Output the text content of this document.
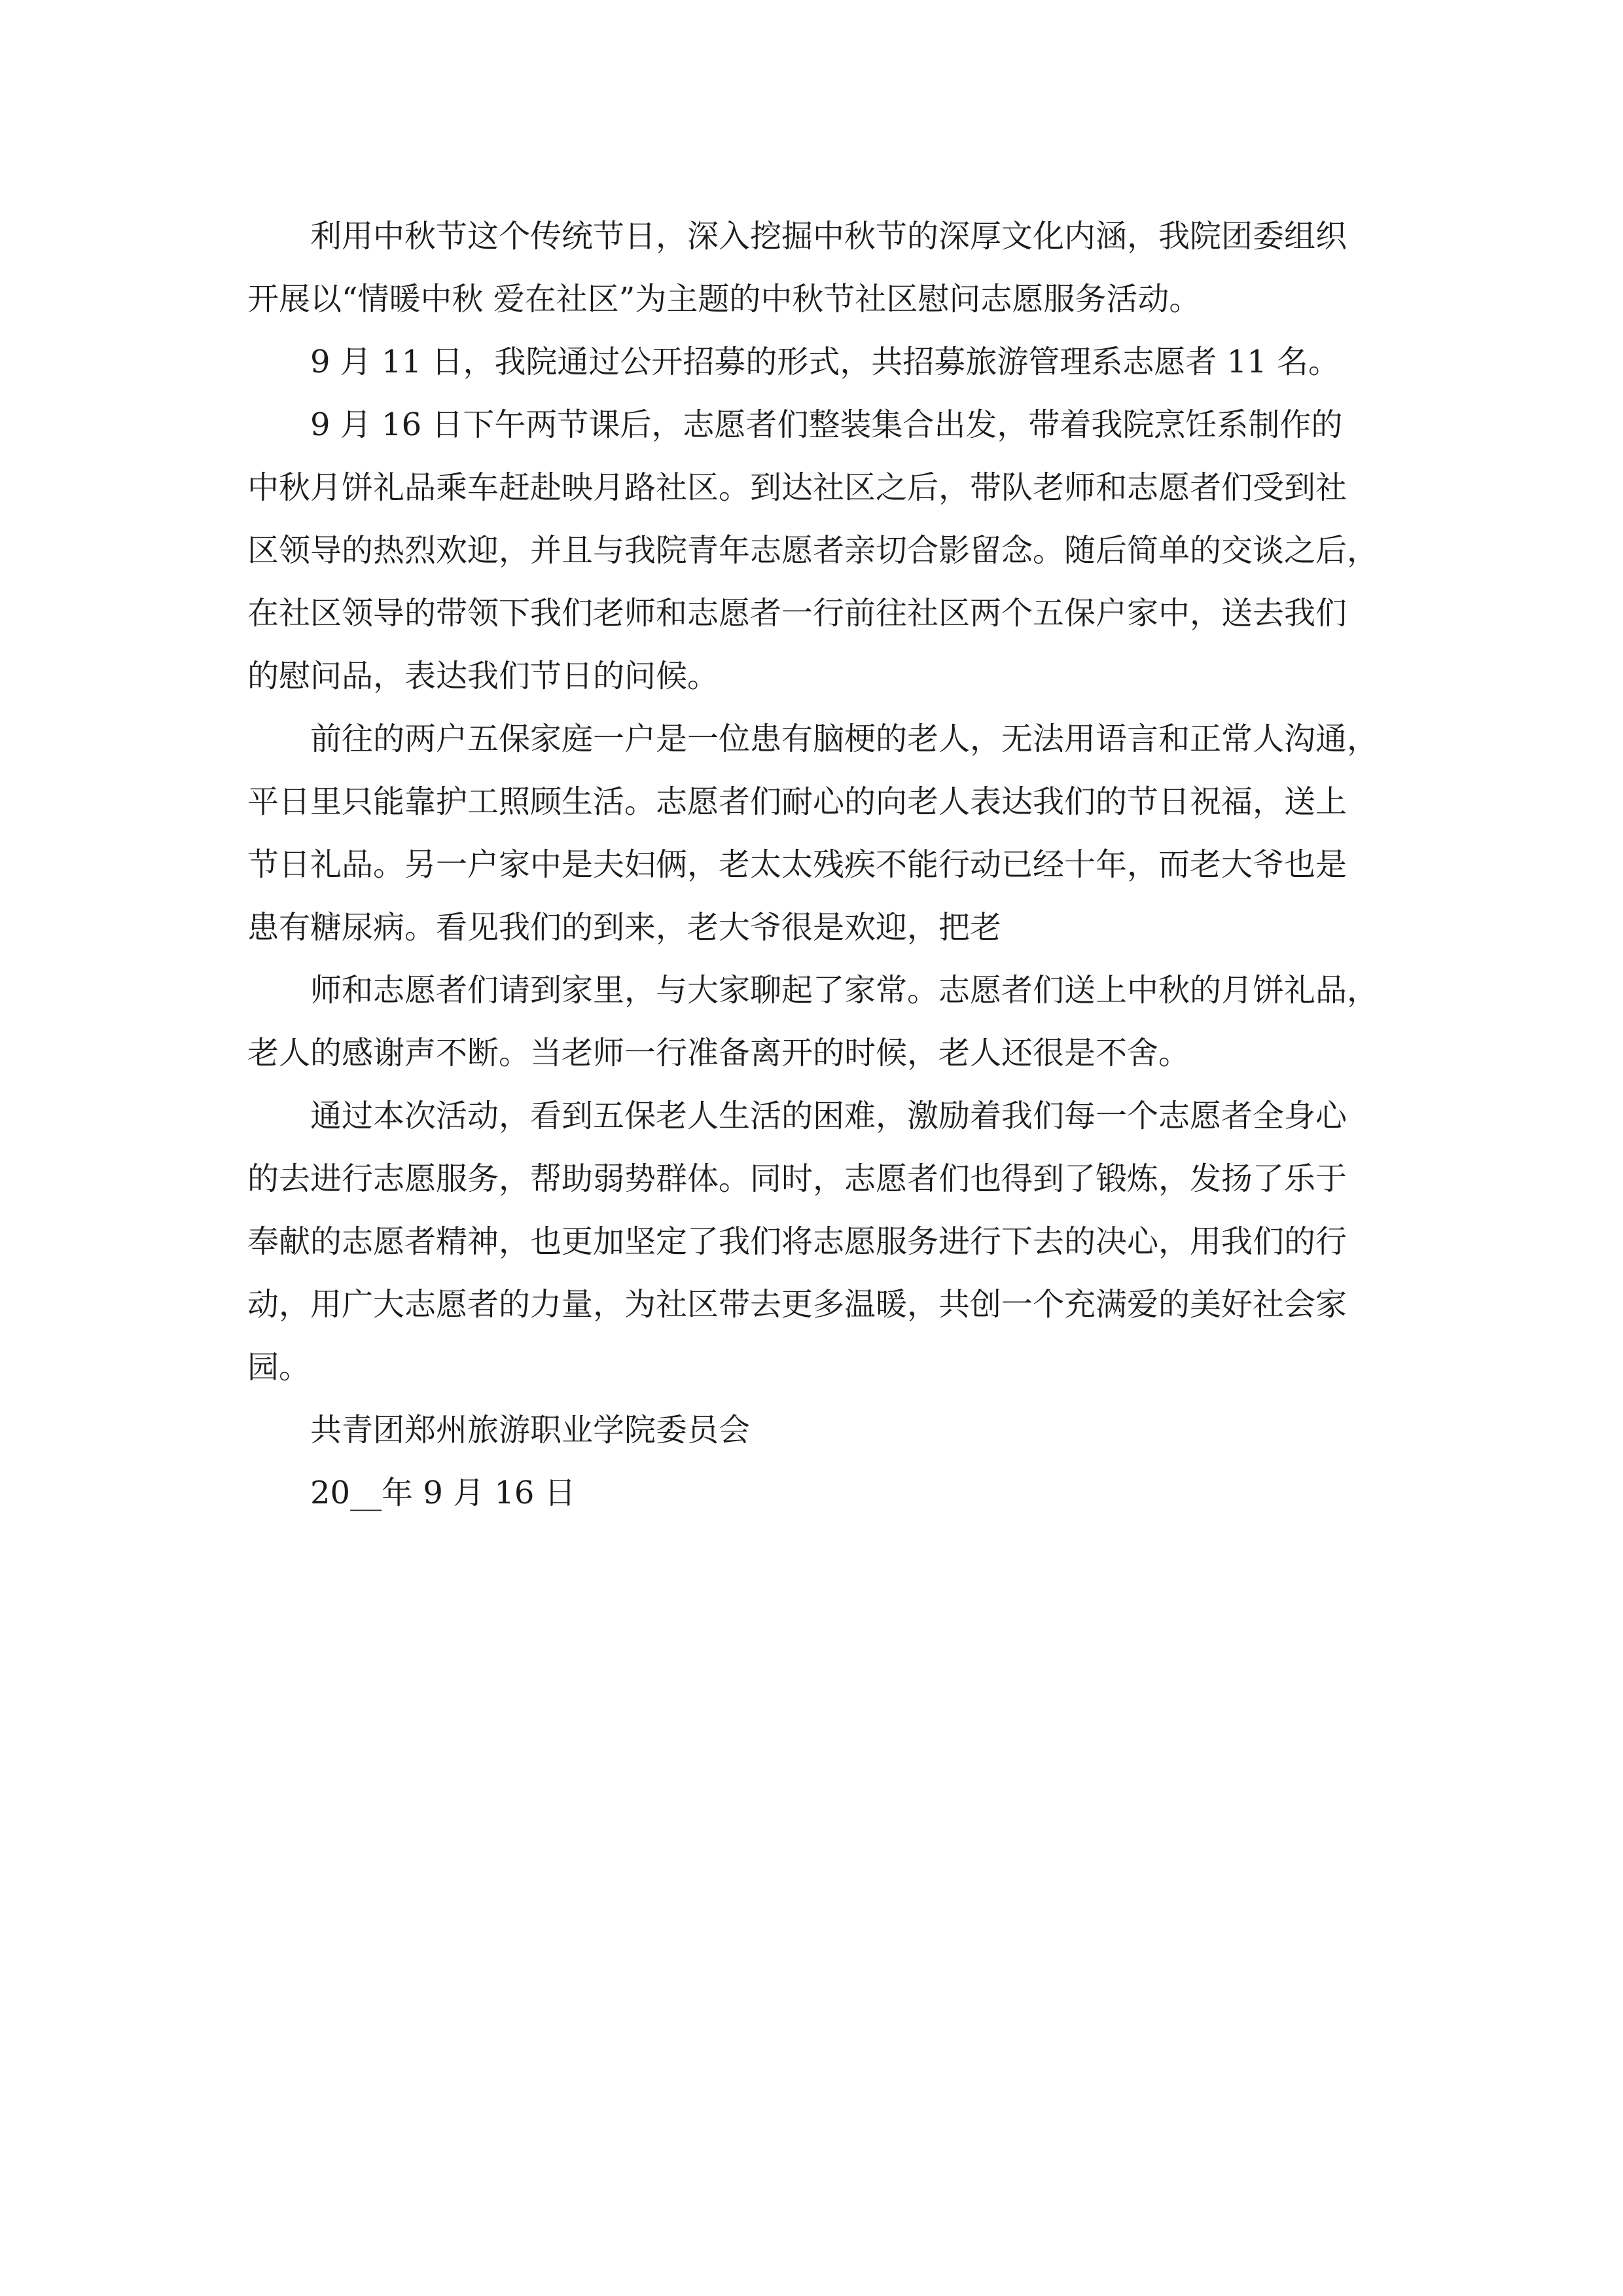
利用中秋节这个传统节日，深入挖掘中秋节的深厚文化内涵，我院团委组织
开展以“情暖中秋 爱在社区”为主题的中秋节社区慰问志愿服务活动。

9 月 11 日，我院通过公开招募的形式，共招募旅游管理系志愿者 11 名。

9 月 16 日下午两节课后，志愿者们整装集合出发，带着我院烹饪系制作的
中秋月饼礼品乘车赶赴映月路社区。到达社区之后，带队老师和志愿者们受到社
区领导的热烈欢迎，并且与我院青年志愿者亲切合影留念。随后简单的交谈之后，
在社区领导的带领下我们老师和志愿者一行前往社区两个五保户家中，送去我们
的慰问品，表达我们节日的问候。

前往的两户五保家庭一户是一位患有脑梗的老人，无法用语言和正常人沟通，
平日里只能靠护工照顾生活。志愿者们耐心的向老人表达我们的节日祝福，送上
节日礼品。另一户家中是夫妇俩，老太太残疾不能行动已经十年，而老大爷也是
患有糖尿病。看见我们的到来，老大爷很是欢迎，把老

师和志愿者们请到家里，与大家聊起了家常。志愿者们送上中秋的月饼礼品，
老人的感谢声不断。当老师一行准备离开的时候，老人还很是不舍。

通过本次活动，看到五保老人生活的困难，激励着我们每一个志愿者全身心
的去进行志愿服务，帮助弱势群体。同时，志愿者们也得到了锻炼，发扬了乐于
奉献的志愿者精神，也更加坚定了我们将志愿服务进行下去的决心，用我们的行
动，用广大志愿者的力量，为社区带去更多温暖，共创一个充满爱的美好社会家
园。

共青团郑州旅游职业学院委员会

20__年 9 月 16 日
